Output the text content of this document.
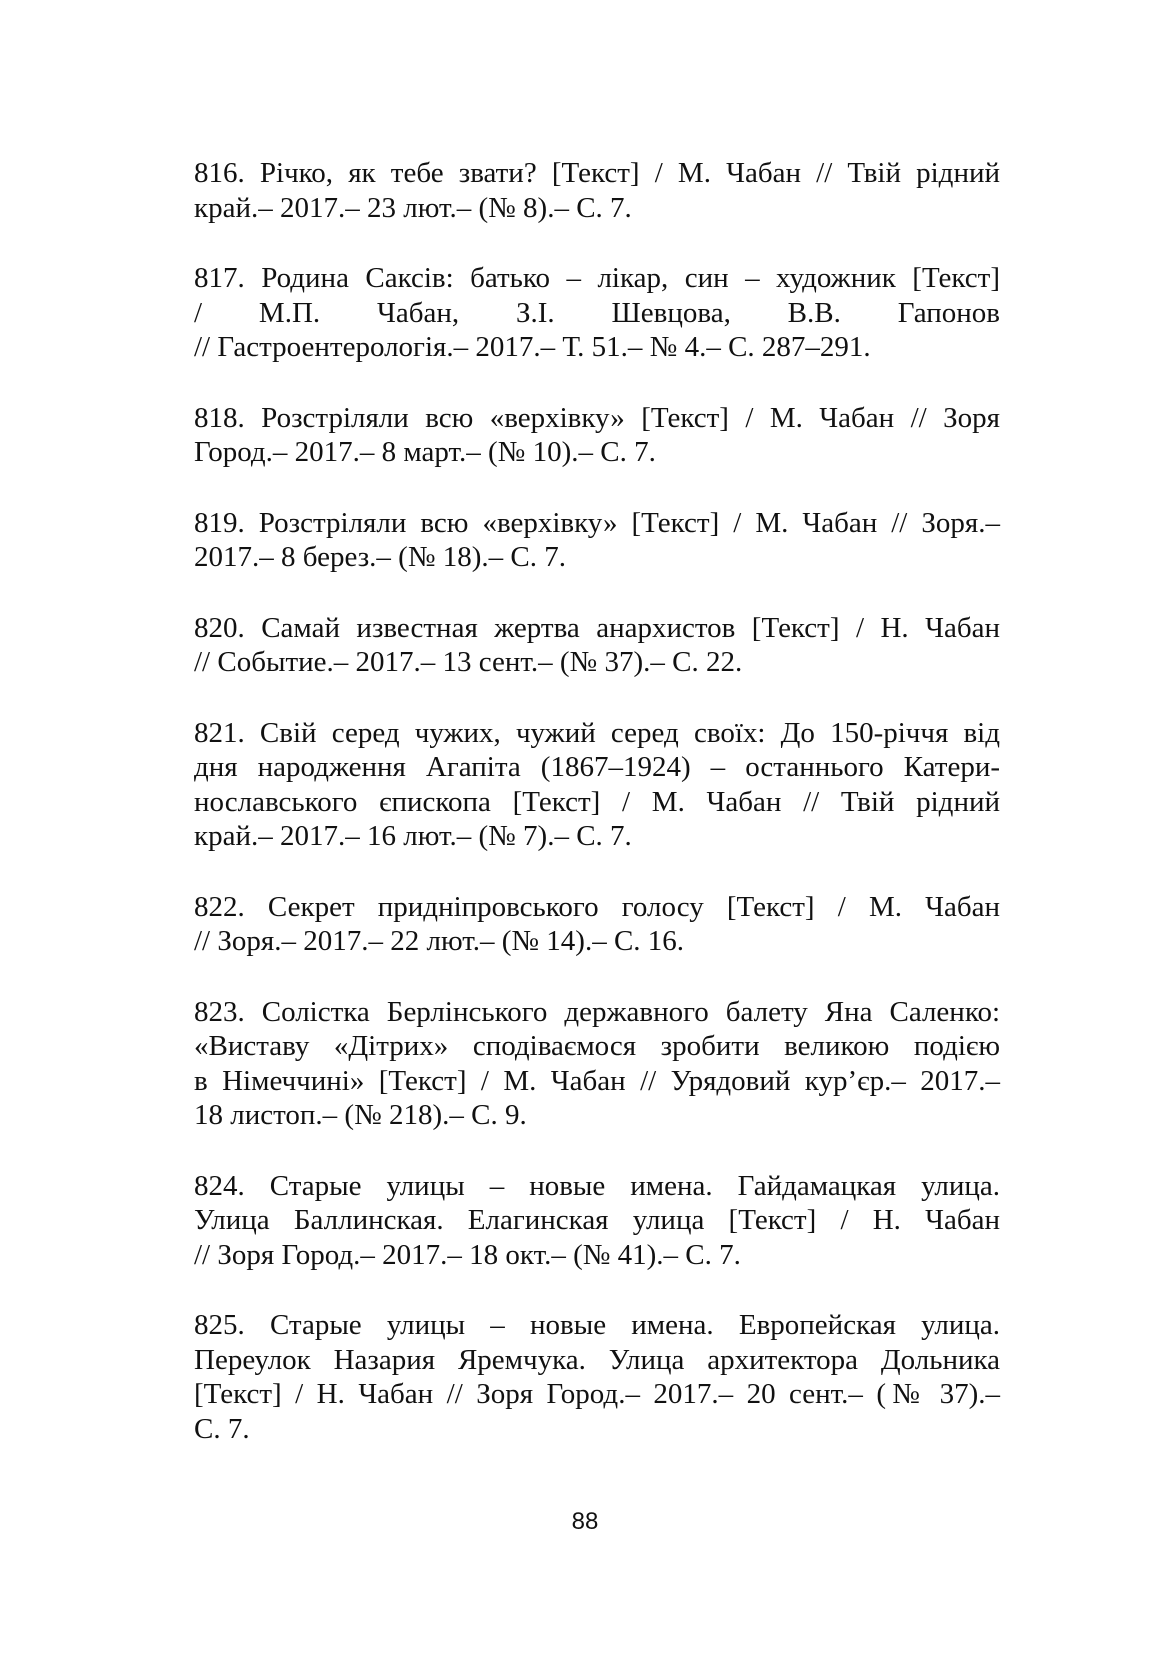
816. Річко, як тебе звати? [Текст] / М. Чабан // Твій рідний
край.– 2017.– 23 лют.– (№ 8).– С. 7.
817. Родина Саксів: батько – лікар, син – художник [Текст]
/ М.П. Чабан, З.І. Шевцова, В.В. Гапонов
// Гастроентерологія.– 2017.– Т. 51.– № 4.– С. 287–291.
818. Розстріляли всю «верхівку» [Текст] / М. Чабан // Зоря
Город.– 2017.– 8 март.– (№ 10).– С. 7.
819. Розстріляли всю «верхівку» [Текст] / М. Чабан // Зоря.–
2017.– 8 берез.– (№ 18).– С. 7.
820. Самай известная жертва анархистов [Текст] / Н. Чабан
// Событие.– 2017.– 13 сент.– (№ 37).– С. 22.
821. Свій серед чужих, чужий серед своїх: До 150-річчя від
дня народження Агапіта (1867–1924) – останнього Катери-
нославського єпископа [Текст] / М. Чабан // Твій рідний
край.– 2017.– 16 лют.– (№ 7).– С. 7.
822. Секрет придніпровського голосу [Текст] / М. Чабан
// Зоря.– 2017.– 22 лют.– (№ 14).– С. 16.
823. Солістка Берлінського державного балету Яна Саленко:
«Виставу «Дітрих» сподіваємося зробити великою подією
в Німеччині» [Текст] / М. Чабан // Урядовий кур’єр.– 2017.–
18 листоп.– (№ 218).– С. 9.
824. Старые улицы – новые имена. Гайдамацкая улица.
Улица Баллинская. Елагинская улица [Текст] / Н. Чабан
// Зоря Город.– 2017.– 18 окт.– (№ 41).– С. 7.
825. Старые улицы – новые имена. Европейская улица.
Переулок Назария Яремчука. Улица архитектора Дольника
[Текст] / Н. Чабан // Зоря Город.– 2017.– 20 сент.– (№ 37).–
С. 7.
88
